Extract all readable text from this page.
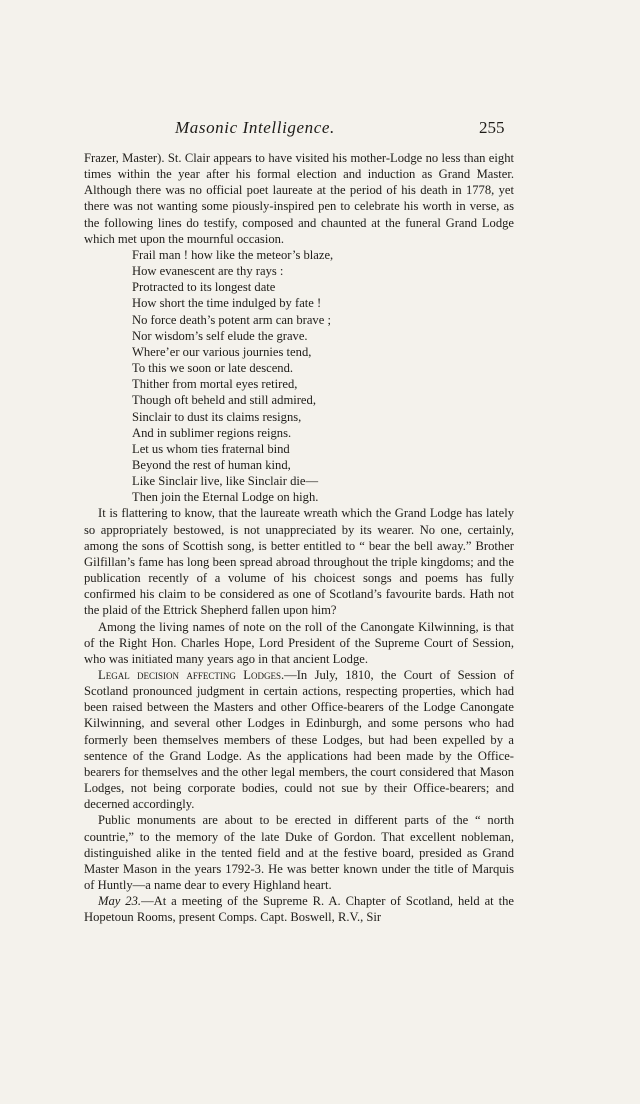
Masonic Intelligence.	255

Frazer, Master). St. Clair appears to have visited his mother-Lodge no less than eight times within the year after his formal election and induction as Grand Master. Although there was no official poet laureate at the period of his death in 1778, yet there was not wanting some piously-inspired pen to celebrate his worth in verse, as the following lines do testify, composed and chaunted at the funeral Grand Lodge which met upon the mournful occasion.

Frail man ! how like the meteor’s blaze,
How evanescent are thy rays :
Protracted to its longest date
How short the time indulged by fate !
No force death’s potent arm can brave ;
Nor wisdom’s self elude the grave.
Where’er our various journies tend,
To this we soon or late descend.
Thither from mortal eyes retired,
Though oft beheld and still admired,
Sinclair to dust its claims resigns,
And in sublimer regions reigns.
Let us whom ties fraternal bind
Beyond the rest of human kind,
Like Sinclair live, like Sinclair die—
Then join the Eternal Lodge on high.

It is flattering to know, that the laureate wreath which the Grand Lodge has lately so appropriately bestowed, is not unappreciated by its wearer. No one, certainly, among the sons of Scottish song, is better entitled to “ bear the bell away.” Brother Gilfillan’s fame has long been spread abroad throughout the triple kingdoms; and the publication recently of a volume of his choicest songs and poems has fully confirmed his claim to be considered as one of Scotland’s favourite bards. Hath not the plaid of the Ettrick Shepherd fallen upon him?

Among the living names of note on the roll of the Canongate Kilwinning, is that of the Right Hon. Charles Hope, Lord President of the Supreme Court of Session, who was initiated many years ago in that ancient Lodge.

Legal decision affecting Lodges.—In July, 1810, the Court of Session of Scotland pronounced judgment in certain actions, respecting properties, which had been raised between the Masters and other Office-bearers of the Lodge Canongate Kilwinning, and several other Lodges in Edinburgh, and some persons who had formerly been themselves members of these Lodges, but had been expelled by a sentence of the Grand Lodge. As the applications had been made by the Office-bearers for themselves and the other legal members, the court considered that Mason Lodges, not being corporate bodies, could not sue by their Office-bearers; and decerned accordingly.

Public monuments are about to be erected in different parts of the “ north countrie,” to the memory of the late Duke of Gordon. That excellent nobleman, distinguished alike in the tented field and at the festive board, presided as Grand Master Mason in the years 1792-3. He was better known under the title of Marquis of Huntly—a name dear to every Highland heart.

May 23.—At a meeting of the Supreme R. A. Chapter of Scotland, held at the Hopetoun Rooms, present Comps. Capt. Boswell, R.V., Sir
